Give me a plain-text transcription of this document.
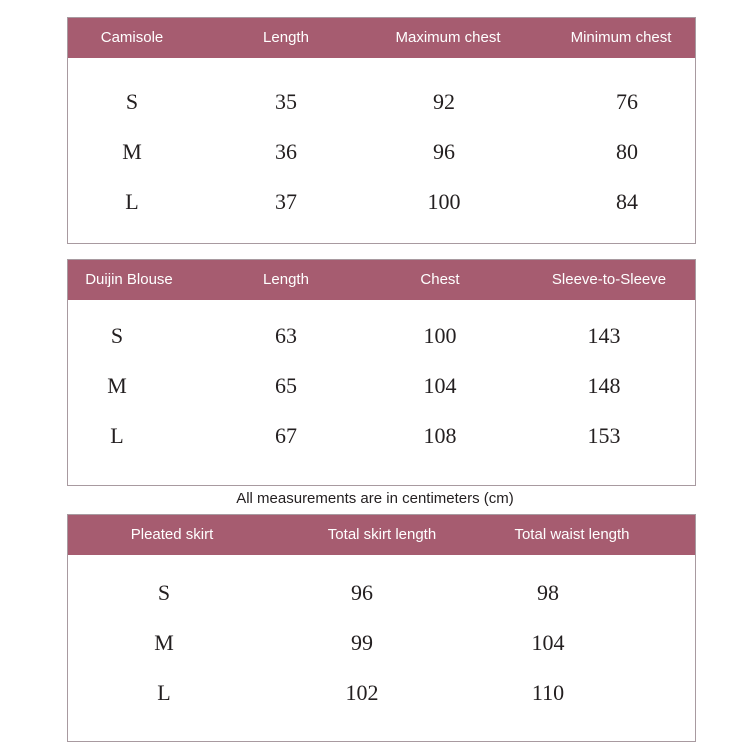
Camisole	Length	Maximum chest	Minimum chest
S	35	92	76
M	36	96	80
L	37	100	84
Duijin Blouse	Length	Chest	Sleeve-to-Sleeve
S	63	100	143
M	65	104	148
L	67	108	153
All measurements are in centimeters (cm)
Pleated skirt	Total skirt length	Total waist length
S	96	98
M	99	104
L	102	110
